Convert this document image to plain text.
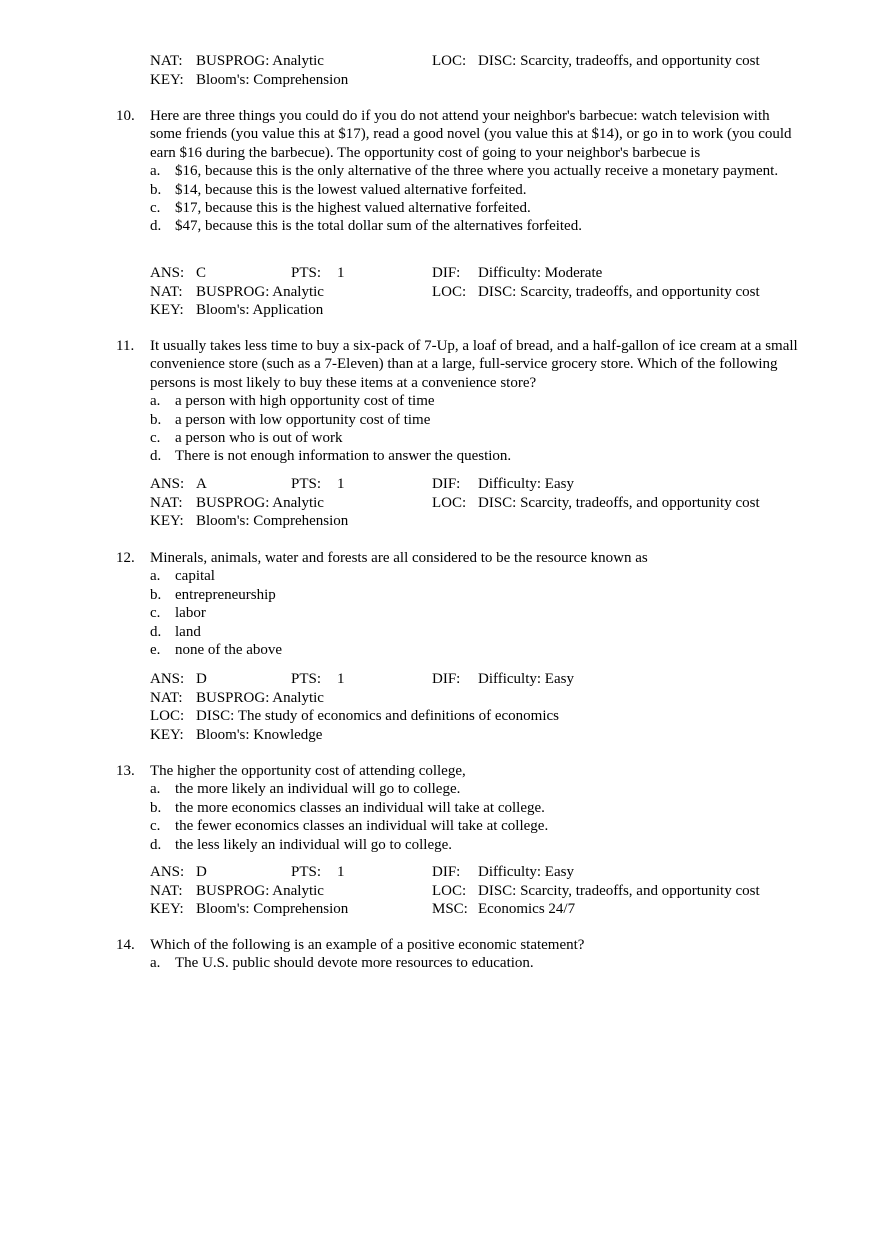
NAT: BUSPROG: Analytic	LOC: DISC: Scarcity, tradeoffs, and opportunity cost
KEY: Bloom's: Comprehension
10. Here are three things you could do if you do not attend your neighbor's barbecue: watch television with some friends (you value this at $17), read a good novel (you value this at $14), or go in to work (you could earn $16 during the barbecue). The opportunity cost of going to your neighbor's barbecue is
a. $16, because this is the only alternative of the three where you actually receive a monetary payment.
b. $14, because this is the lowest valued alternative forfeited.
c. $17, because this is the highest valued alternative forfeited.
d. $47, because this is the total dollar sum of the alternatives forfeited.
ANS: C	PTS: 1	DIF: Difficulty: Moderate
NAT: BUSPROG: Analytic	LOC: DISC: Scarcity, tradeoffs, and opportunity cost
KEY: Bloom's: Application
11. It usually takes less time to buy a six-pack of 7-Up, a loaf of bread, and a half-gallon of ice cream at a small convenience store (such as a 7-Eleven) than at a large, full-service grocery store. Which of the following persons is most likely to buy these items at a convenience store?
a. a person with high opportunity cost of time
b. a person with low opportunity cost of time
c. a person who is out of work
d. There is not enough information to answer the question.
ANS: A	PTS: 1	DIF: Difficulty: Easy
NAT: BUSPROG: Analytic	LOC: DISC: Scarcity, tradeoffs, and opportunity cost
KEY: Bloom's: Comprehension
12. Minerals, animals, water and forests are all considered to be the resource known as
a. capital
b. entrepreneurship
c. labor
d. land
e. none of the above
ANS: D	PTS: 1	DIF: Difficulty: Easy
NAT: BUSPROG: Analytic
LOC: DISC: The study of economics and definitions of economics
KEY: Bloom's: Knowledge
13. The higher the opportunity cost of attending college,
a. the more likely an individual will go to college.
b. the more economics classes an individual will take at college.
c. the fewer economics classes an individual will take at college.
d. the less likely an individual will go to college.
ANS: D	PTS: 1	DIF: Difficulty: Easy
NAT: BUSPROG: Analytic	LOC: DISC: Scarcity, tradeoffs, and opportunity cost
KEY: Bloom's: Comprehension	MSC: Economics 24/7
14. Which of the following is an example of a positive economic statement?
a. The U.S. public should devote more resources to education.
